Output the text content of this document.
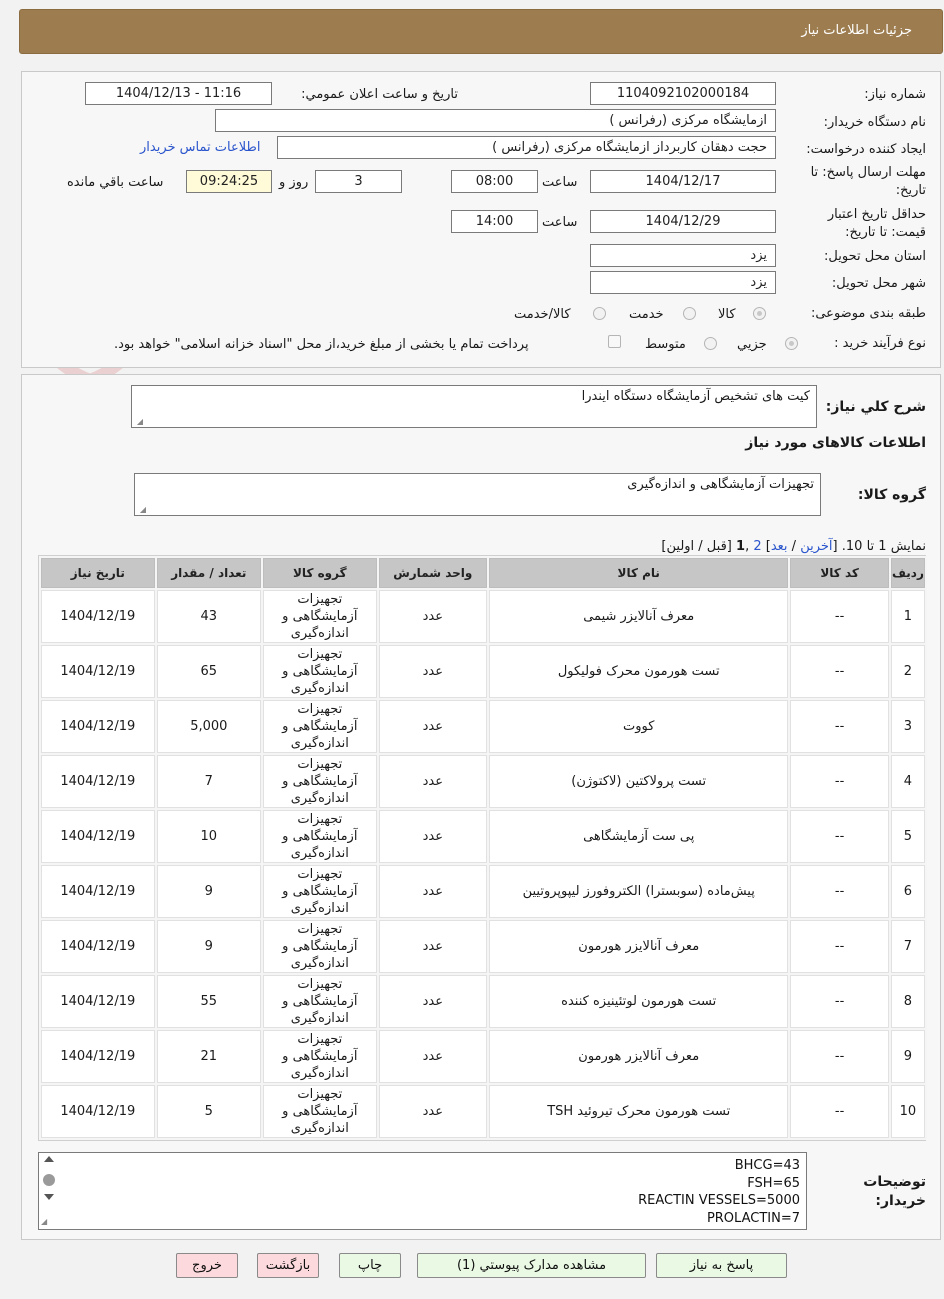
جزئیات اطلاعات نیاز
شماره نیاز:
1104092102000184
تاریخ و ساعت اعلان عمومي:
1404/12/13 - 11:16
نام دستگاه خریدار:
ازمایشگاه مرکزی (رفرانس )
ایجاد کننده درخواست:
حجت دهقان کاربرداز ازمایشگاه مرکزی (رفرانس )
اطلاعات تماس خریدار
مهلت ارسال پاسخ: تا
تاریخ:
1404/12/17
ساعت
08:00
3
روز و
09:24:25
ساعت باقي مانده
حداقل تاریخ اعتبار
قیمت: تا تاریخ:
1404/12/29
ساعت
14:00
استان محل تحویل:
یزد
شهر محل تحویل:
یزد
طبقه بندی موضوعی:
کالا
خدمت
کالا/خدمت
نوع فرآیند خرید :
جزیي
متوسط
پرداخت تمام یا بخشی از مبلغ خرید،از محل "اسناد خزانه اسلامی" خواهد بود.
شرح کلي نیاز:
کیت های تشخیص آزمایشگاه دستگاه ایندرا
◢
اطلاعات کالاهای مورد نیاز
گروه کالا:
تجهیزات آزمایشگاهی و اندازه‌گیری
◢
نمایش 1 تا 10. [آخرین / بعد] 2 ,1 [قبل / اولین]
ردیف	کد کالا	نام کالا	واحد شمارش	گروه کالا	تعداد / مقدار	تاریخ نیاز
1	--	معرف آنالایزر شیمی	عدد	تجهیزات آزمایشگاهی و اندازه‌گیری	43	1404/12/19
2	--	تست هورمون محرک فولیکول	عدد	تجهیزات آزمایشگاهی و اندازه‌گیری	65	1404/12/19
3	--	کووت	عدد	تجهیزات آزمایشگاهی و اندازه‌گیری	5,000	1404/12/19
4	--	تست پرولاکتین (لاکتوژن)	عدد	تجهیزات آزمایشگاهی و اندازه‌گیری	7	1404/12/19
5	--	پی ست آزمایشگاهی	عدد	تجهیزات آزمایشگاهی و اندازه‌گیری	10	1404/12/19
6	--	پیش‌ماده (سوبسترا) الکتروفورز لیپوپروتیین	عدد	تجهیزات آزمایشگاهی و اندازه‌گیری	9	1404/12/19
7	--	معرف آنالایزر هورمون	عدد	تجهیزات آزمایشگاهی و اندازه‌گیری	9	1404/12/19
8	--	تست هورمون لوتئینیزه کننده	عدد	تجهیزات آزمایشگاهی و اندازه‌گیری	55	1404/12/19
9	--	معرف آنالایزر هورمون	عدد	تجهیزات آزمایشگاهی و اندازه‌گیری	21	1404/12/19
10	--	تست هورمون محرک تیروئید TSH	عدد	تجهیزات آزمایشگاهی و اندازه‌گیری	5	1404/12/19
توضیحات
خریدار:
BHCG=43
FSH=65
REACTIN VESSELS=5000
PROLACTIN=7
◢
پاسخ به نیاز
مشاهده مدارک پیوستي (1)
چاپ
بازگشت
خروج
